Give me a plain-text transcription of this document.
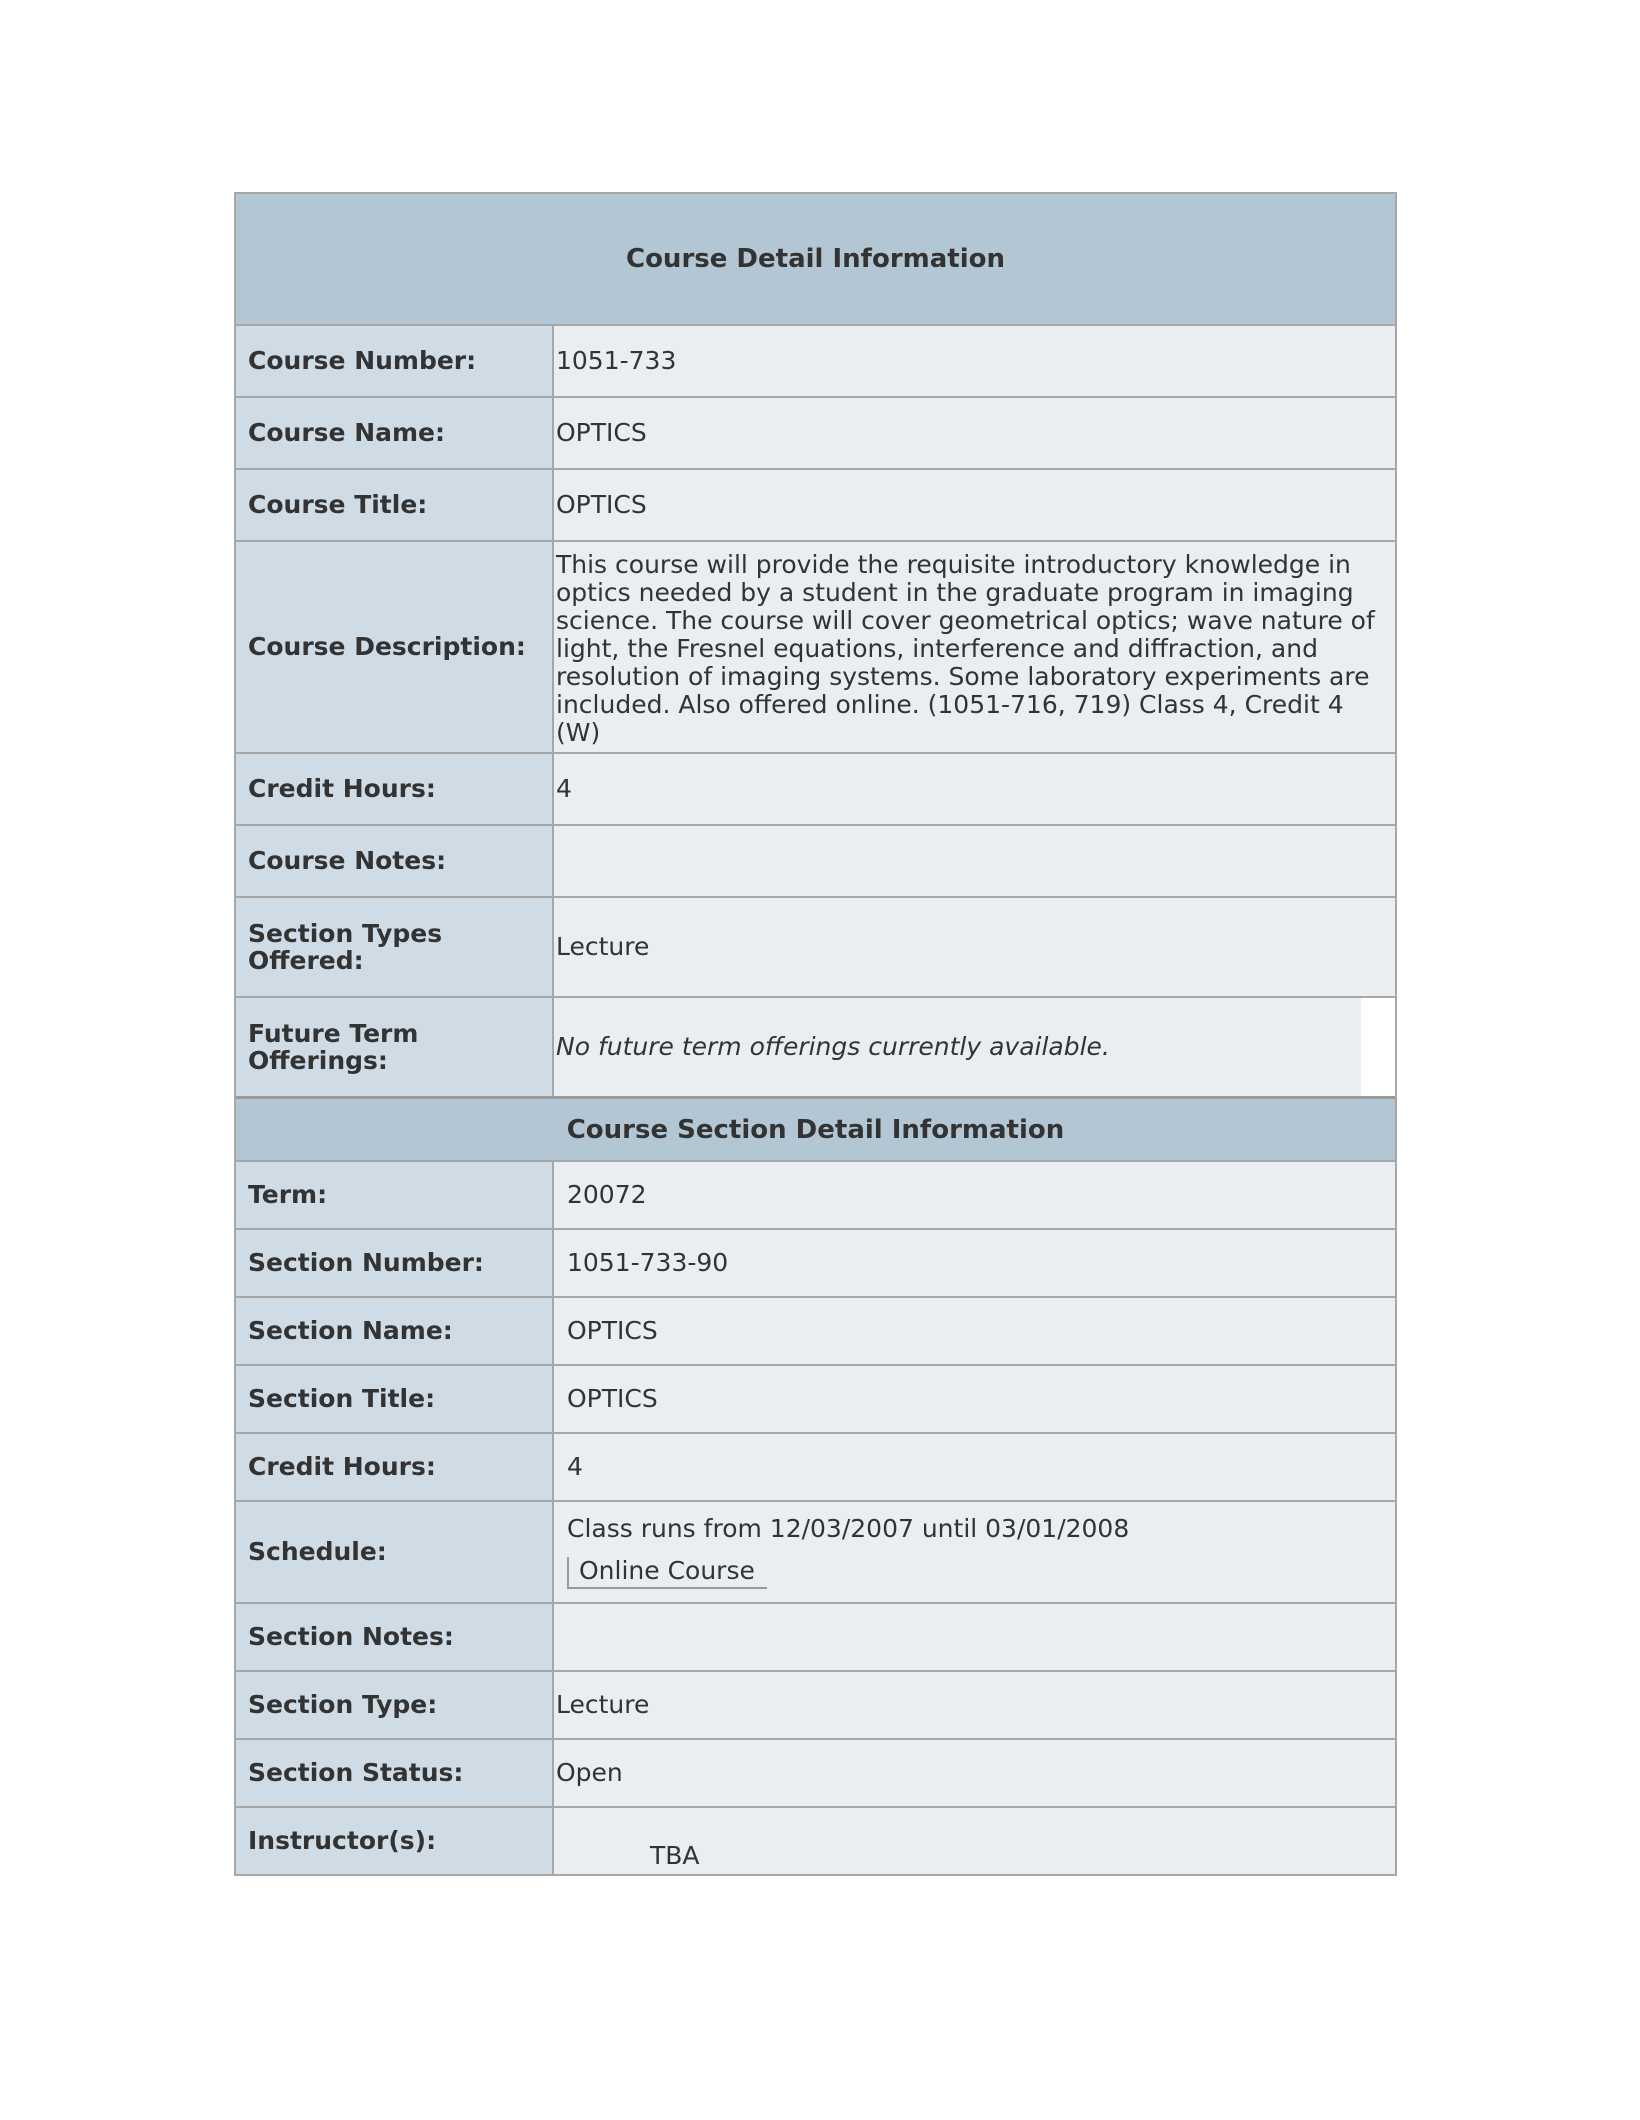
Course Detail Information
Course Number:	1051-733
Course Name:	OPTICS
Course Title:	OPTICS
Course Description:
This course will provide the requisite introductory knowledge in optics needed by a student in the graduate program in imaging science. The course will cover geometrical optics; wave nature of light, the Fresnel equations, interference and diffraction, and resolution of imaging systems. Some laboratory experiments are included. Also offered online. (1051-716, 719) Class 4, Credit 4 (W)
Credit Hours:	4
Course Notes:
Section Types Offered:	Lecture
Future Term Offerings:	No future term offerings currently available.
Course Section Detail Information
Term:	20072
Section Number:	1051-733-90
Section Name:	OPTICS
Section Title:	OPTICS
Credit Hours:	4
Schedule:
Class runs from 12/03/2007 until 03/01/2008
Online Course
Section Notes:
Section Type:	Lecture
Section Status:	Open
Instructor(s):
TBA
